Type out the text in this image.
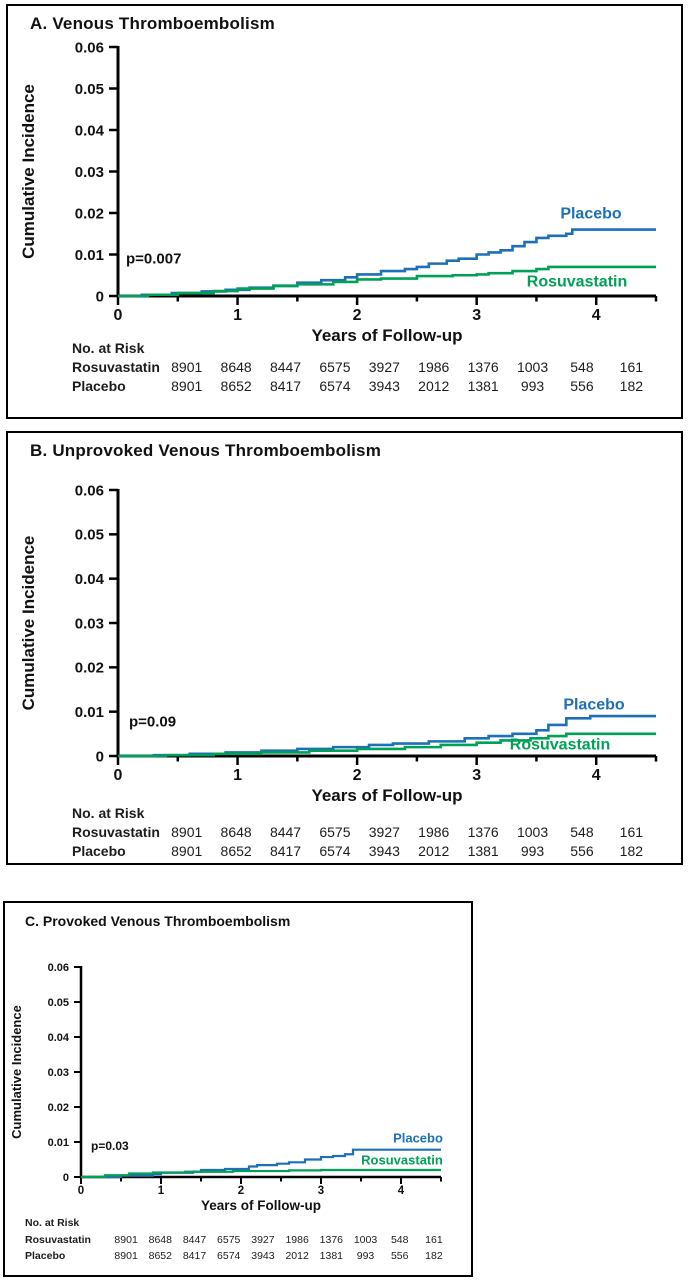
A. Venous Thromboembolism
0
0.01
0.02
0.03
0.04
0.05
0.06
0	1	2	3	4
Years of Follow-up
Cumulative Incidence	Placebo
Rosuvastatin
p=0.007
No. at Risk
Rosuvastatin 8901	8648	8447	6575	3927	1986	1376	1003	548	161
Placebo	8901	8652	8417	6574	3943	2012	1381	993	556	182
B. Unprovoked Venous Thromboembolism
0
0.01
0.02
0.03
0.04
0.05
0.06
0	1	2	3	4
Years of Follow-up
Cumulative Incidence	Placebo
Rosuvastatin
p=0.09
No. at Risk
Rosuvastatin 8901	8648	8447	6575	3927	1986	1376	1003	548	161
Placebo	8901	8652	8417	6574	3943	2012	1381	993	556	182
C. Provoked Venous Thromboembolism
0
0.01
0.02
0.03
0.04
0.05
0.06
0	1	2	3	4
Years of Follow-up
Cumulative Incidence	Placebo
Rosuvastatin
p=0.03
No. at Risk
Rosuvastatin	8901	8648	8447	6575	3927	1986	1376	1003	548	161
Placebo	8901	8652	8417	6574	3943	2012	1381	993	556	182
